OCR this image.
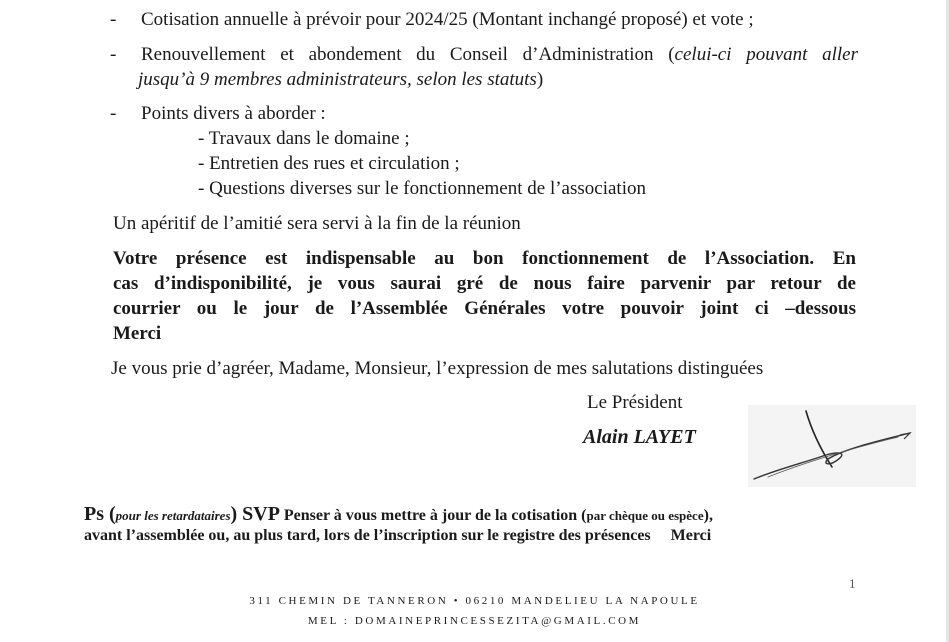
- Cotisation annuelle à prévoir pour 2024/25 (Montant inchangé proposé) et vote ;
- Renouvellement et abondement du Conseil d’Administration (celui-ci pouvant aller
jusqu’à 9 membres administrateurs, selon les statuts)
- Points divers à aborder :
- Travaux dans le domaine ;
- Entretien des rues et circulation ;
- Questions diverses sur le fonctionnement de l’association
Un apéritif de l’amitié sera servi à la fin de la réunion
Votre présence est indispensable au bon fonctionnement de l’Association. En
cas d’indisponibilité, je vous saurai gré de nous faire parvenir par retour de
courrier ou le jour de l’Assemblée Générales votre pouvoir joint ci –dessous
Merci
Je vous prie d’agréer, Madame, Monsieur, l’expression de mes salutations distinguées
Le Président
Alain LAYET
Ps (pour les retardataires) SVP Penser à vous mettre à jour de la cotisation (par chèque ou espèce),
avant l’assemblée ou, au plus tard, lors de l’inscription sur le registre des présences Merci
1
311 CHEMIN DE TANNERON • 06210 MANDELIEU LA NAPOULE
MEL : DOMAINEPRINCESSEZITA@GMAIL.COM
